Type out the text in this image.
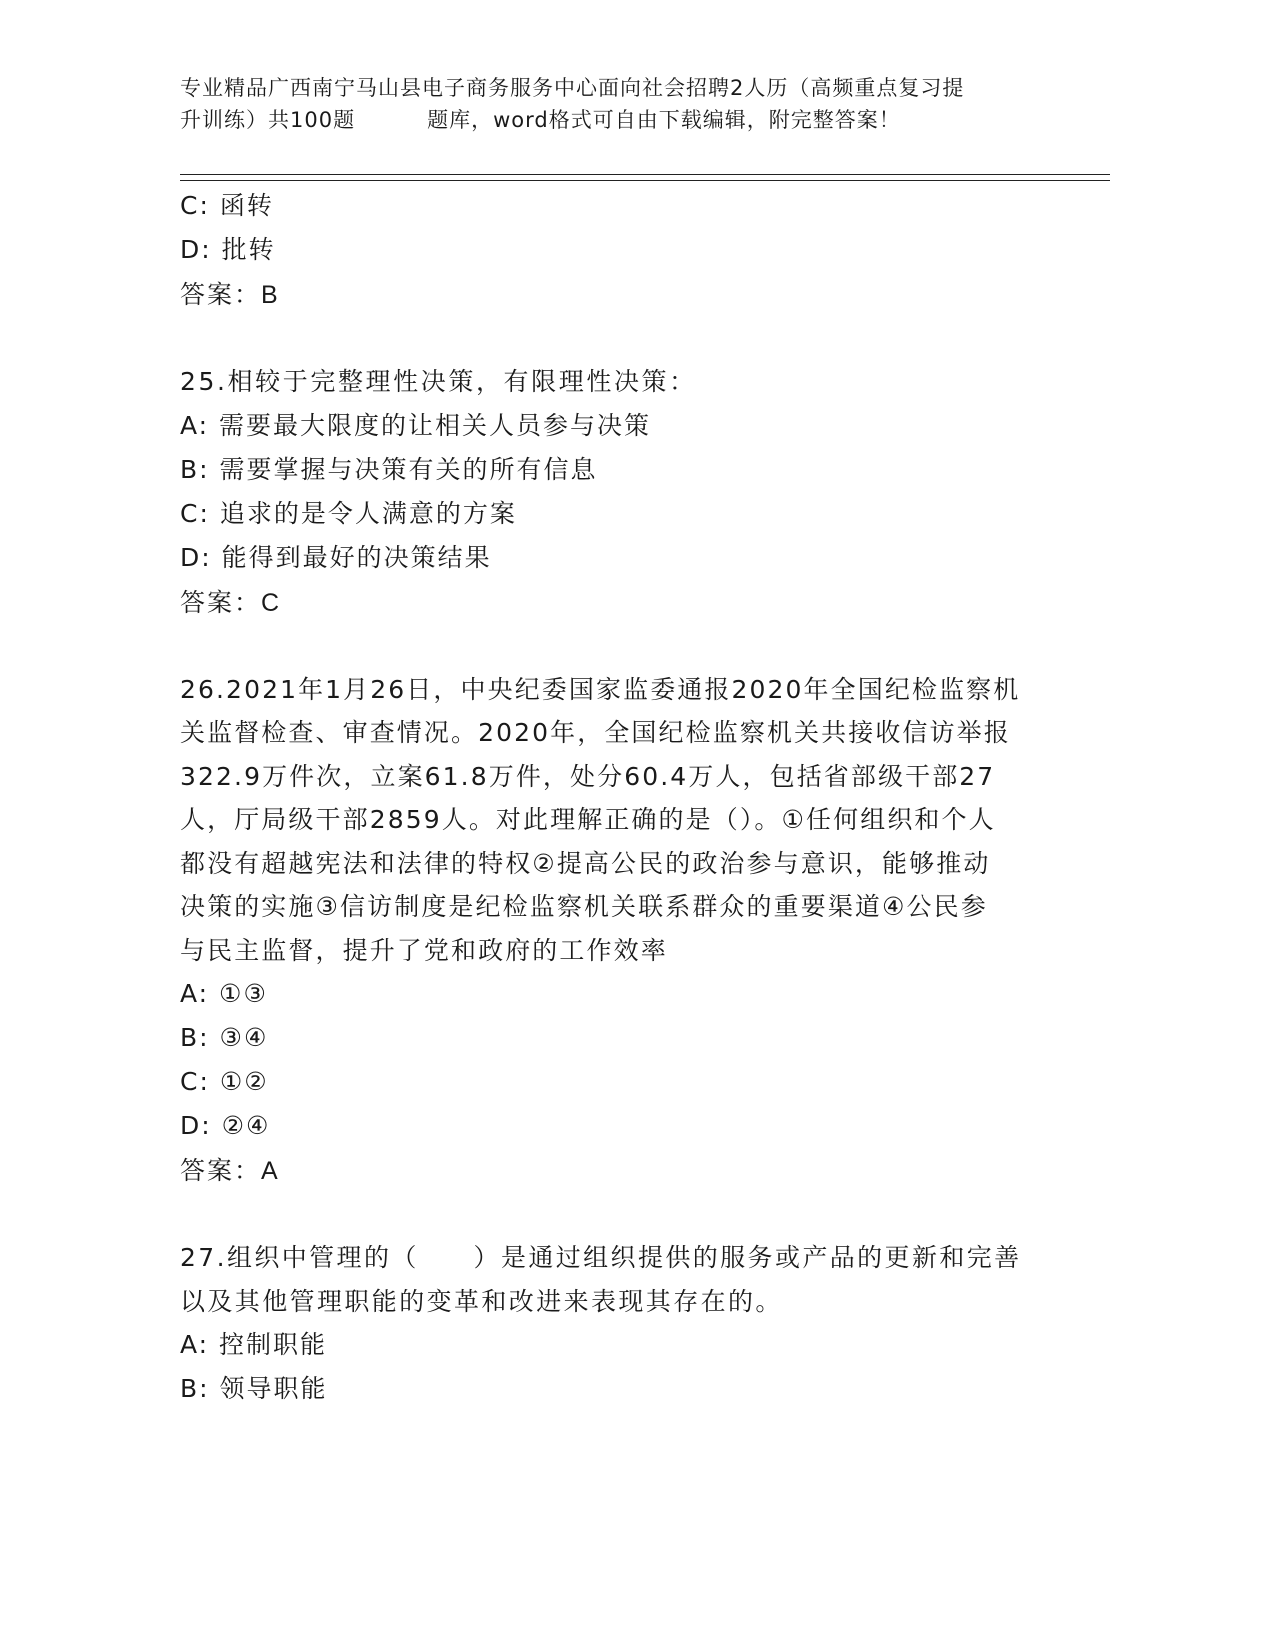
专业精品广西南宁马山县电子商务服务中心面向社会招聘2人历（高频重点复习提
升训练）共100题	题库，word格式可自由下载编辑，附完整答案！
C: 函转
D: 批转
答案：B
25.相较于完整理性决策，有限理性决策：
A: 需要最大限度的让相关人员参与决策
B: 需要掌握与决策有关的所有信息
C: 追求的是令人满意的方案
D: 能得到最好的决策结果
答案：C
26.2021年1月26日，中央纪委国家监委通报2020年全国纪检监察机
关监督检查、审查情况。2020年，全国纪检监察机关共接收信访举报
322.9万件次，立案61.8万件，处分60.4万人，包括省部级干部27
人，厅局级干部2859人。对此理解正确的是（）。①任何组织和个人
都没有超越宪法和法律的特权②提高公民的政治参与意识，能够推动
决策的实施③信访制度是纪检监察机关联系群众的重要渠道④公民参
与民主监督，提升了党和政府的工作效率
A: ①③
B: ③④
C: ①②
D: ②④
答案：A
27.组织中管理的（　　）是通过组织提供的服务或产品的更新和完善
以及其他管理职能的变革和改进来表现其存在的。
A: 控制职能
B: 领导职能
